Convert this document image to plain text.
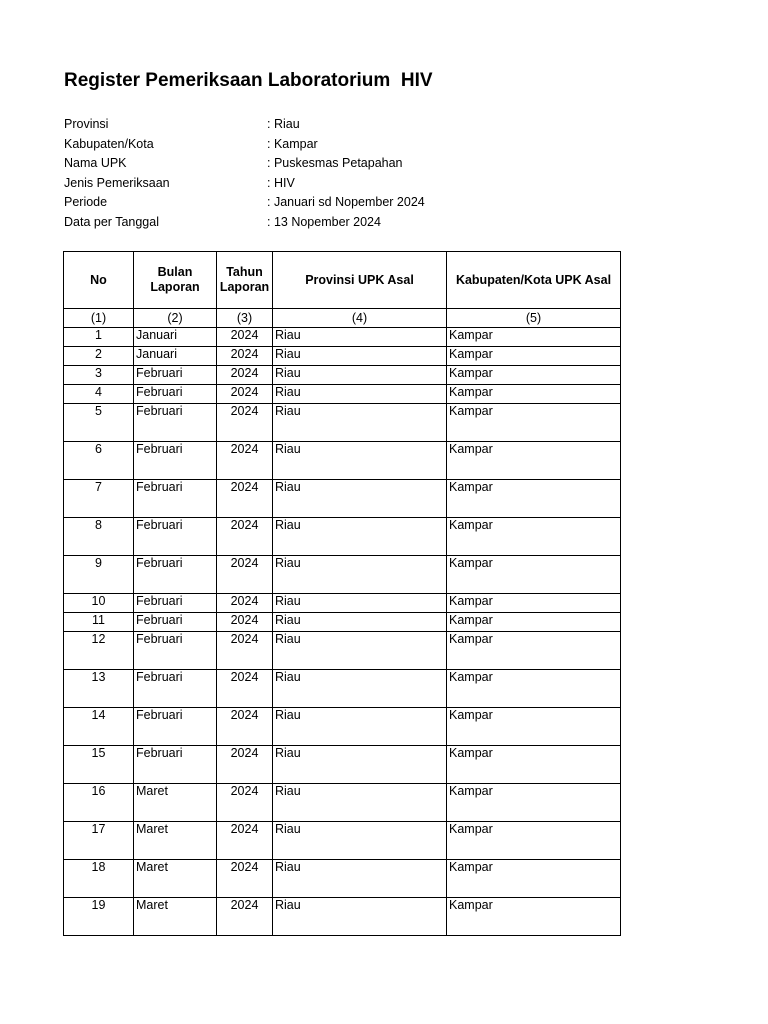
Register Pemeriksaan Laboratorium  HIV
Provinsi	: Riau
Kabupaten/Kota	: Kampar
Nama UPK	: Puskesmas Petapahan
Jenis Pemeriksaan	: HIV
Periode	: Januari sd Nopember 2024
Data per Tanggal	: 13 Nopember 2024
No	Bulan Laporan	Tahun Laporan	Provinsi UPK Asal	Kabupaten/Kota UPK Asal
(1)	(2)	(3)	(4)	(5)
1	Januari	2024	Riau	Kampar
2	Januari	2024	Riau	Kampar
3	Februari	2024	Riau	Kampar
4	Februari	2024	Riau	Kampar
5	Februari	2024	Riau	Kampar
6	Februari	2024	Riau	Kampar
7	Februari	2024	Riau	Kampar
8	Februari	2024	Riau	Kampar
9	Februari	2024	Riau	Kampar
10	Februari	2024	Riau	Kampar
11	Februari	2024	Riau	Kampar
12	Februari	2024	Riau	Kampar
13	Februari	2024	Riau	Kampar
14	Februari	2024	Riau	Kampar
15	Februari	2024	Riau	Kampar
16	Maret	2024	Riau	Kampar
17	Maret	2024	Riau	Kampar
18	Maret	2024	Riau	Kampar
19	Maret	2024	Riau	Kampar
